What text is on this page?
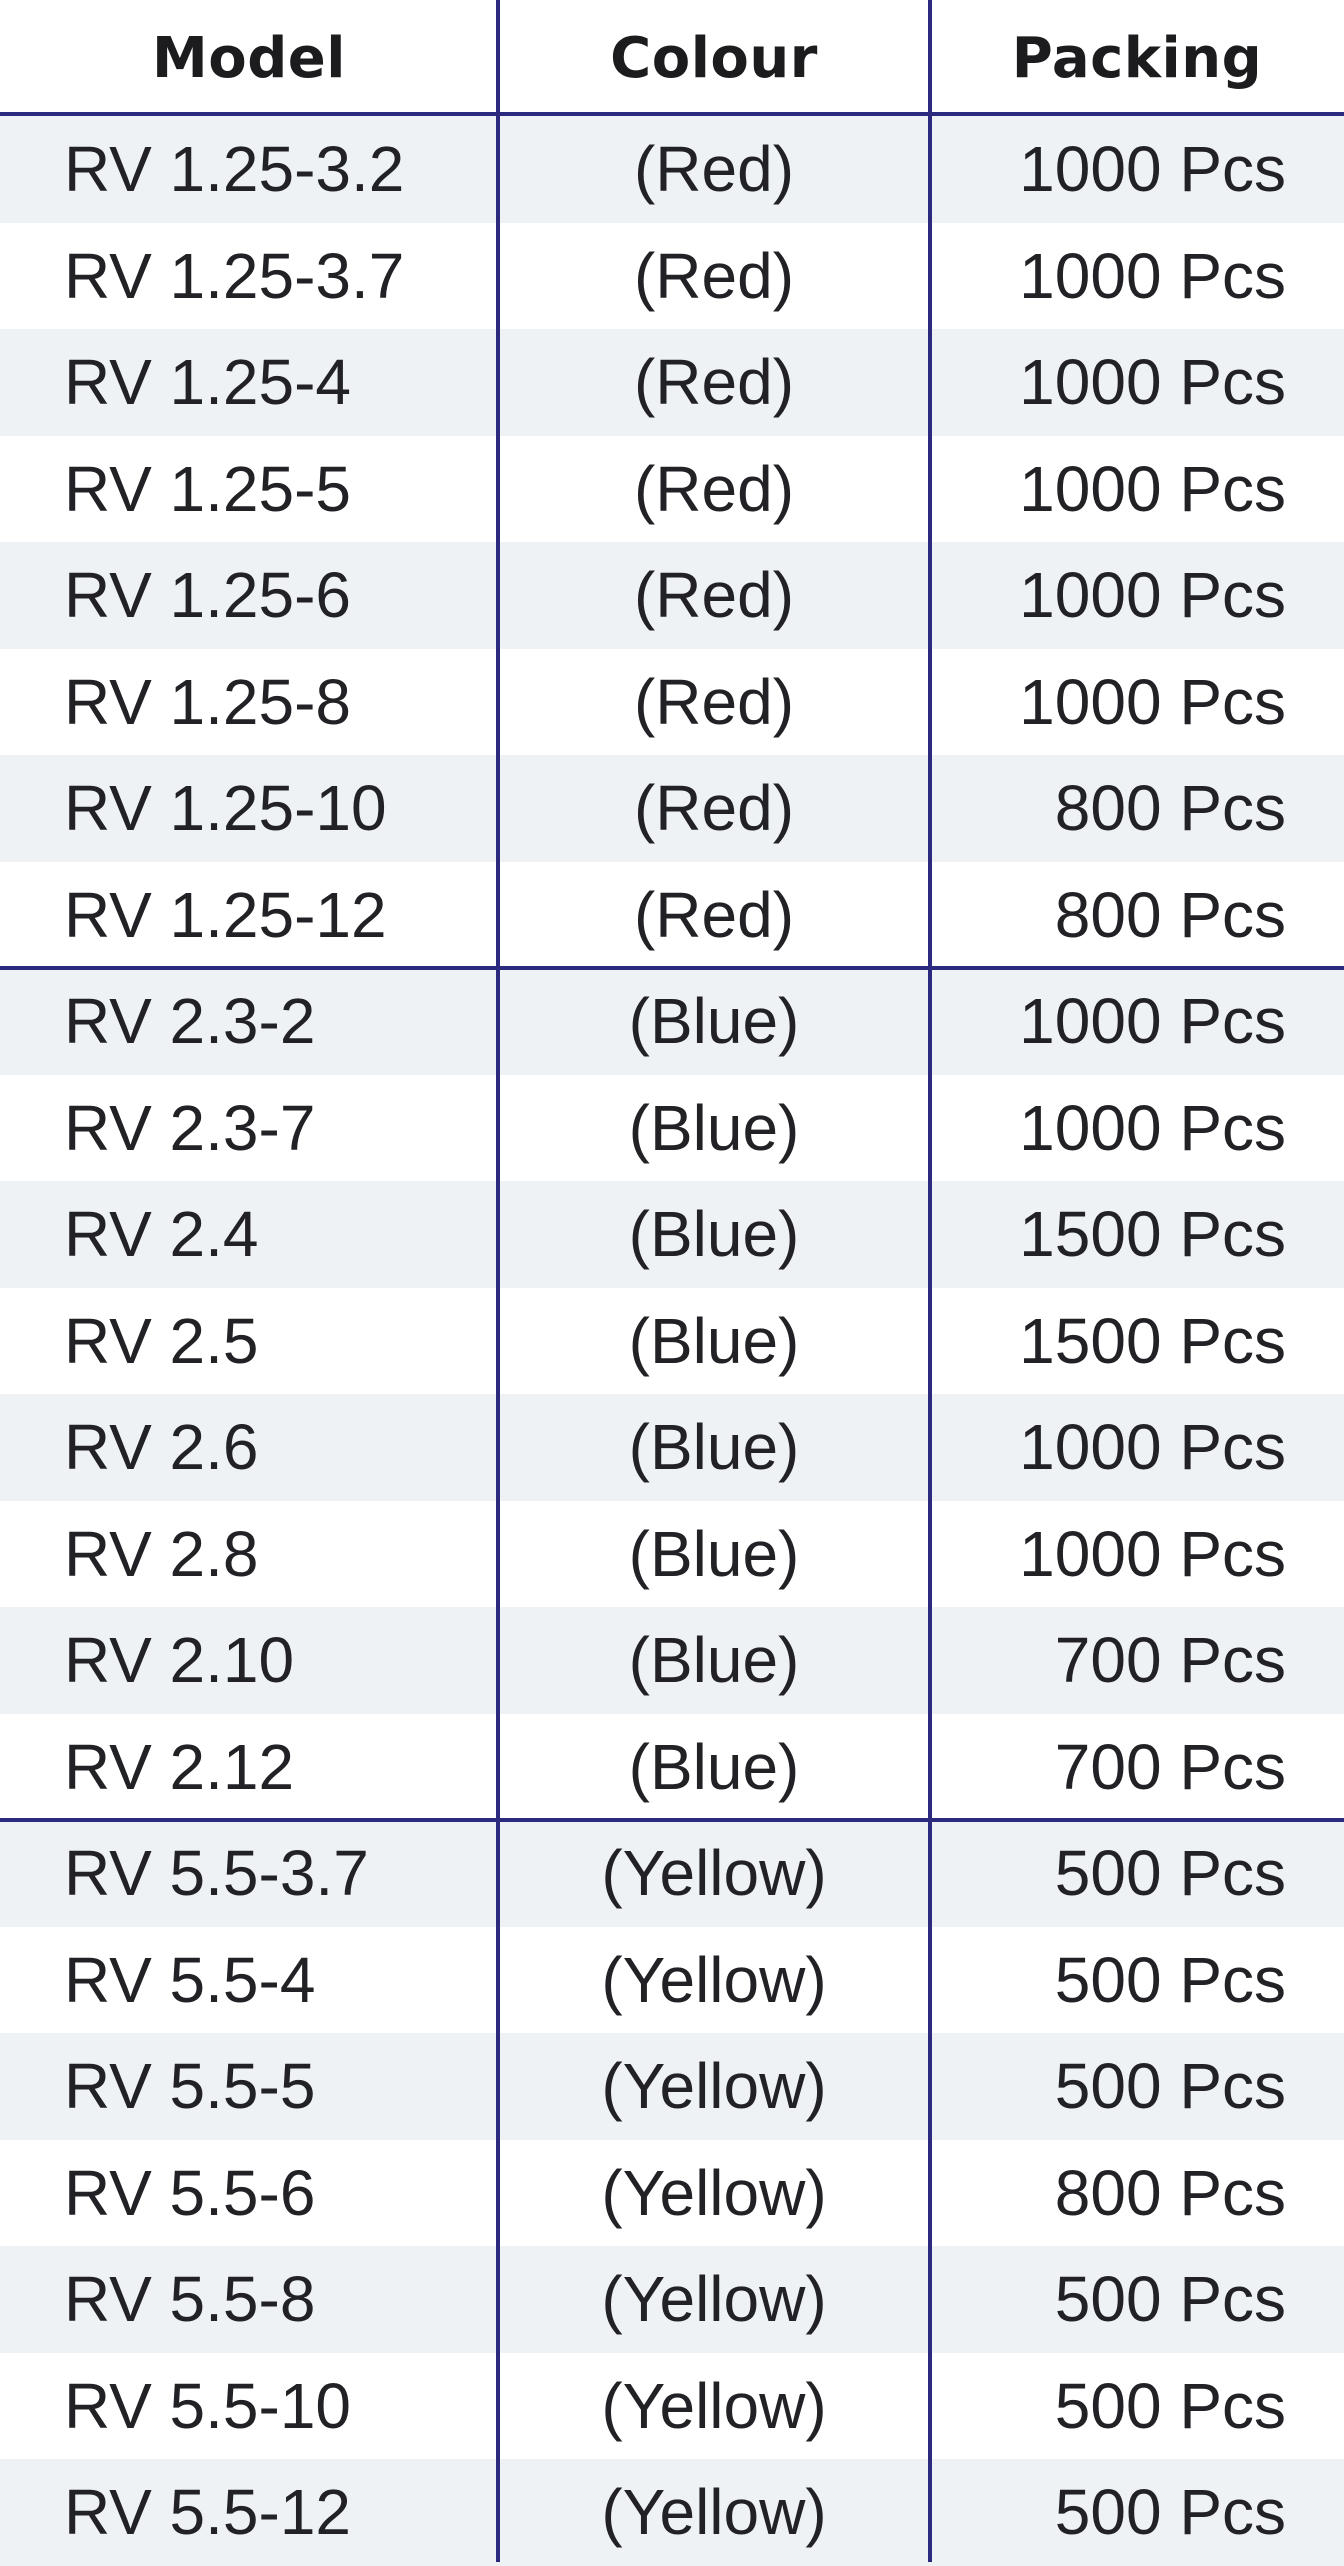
Model	Colour	Packing
RV 1.25-3.2	(Red)	1000 Pcs
RV 1.25-3.7	(Red)	1000 Pcs
RV 1.25-4	(Red)	1000 Pcs
RV 1.25-5	(Red)	1000 Pcs
RV 1.25-6	(Red)	1000 Pcs
RV 1.25-8	(Red)	1000 Pcs
RV 1.25-10	(Red)	800 Pcs
RV 1.25-12	(Red)	800 Pcs
RV 2.3-2	(Blue)	1000 Pcs
RV 2.3-7	(Blue)	1000 Pcs
RV 2.4	(Blue)	1500 Pcs
RV 2.5	(Blue)	1500 Pcs
RV 2.6	(Blue)	1000 Pcs
RV 2.8	(Blue)	1000 Pcs
RV 2.10	(Blue)	700 Pcs
RV 2.12	(Blue)	700 Pcs
RV 5.5-3.7	(Yellow)	500 Pcs
RV 5.5-4	(Yellow)	500 Pcs
RV 5.5-5	(Yellow)	500 Pcs
RV 5.5-6	(Yellow)	800 Pcs
RV 5.5-8	(Yellow)	500 Pcs
RV 5.5-10	(Yellow)	500 Pcs
RV 5.5-12	(Yellow)	500 Pcs
